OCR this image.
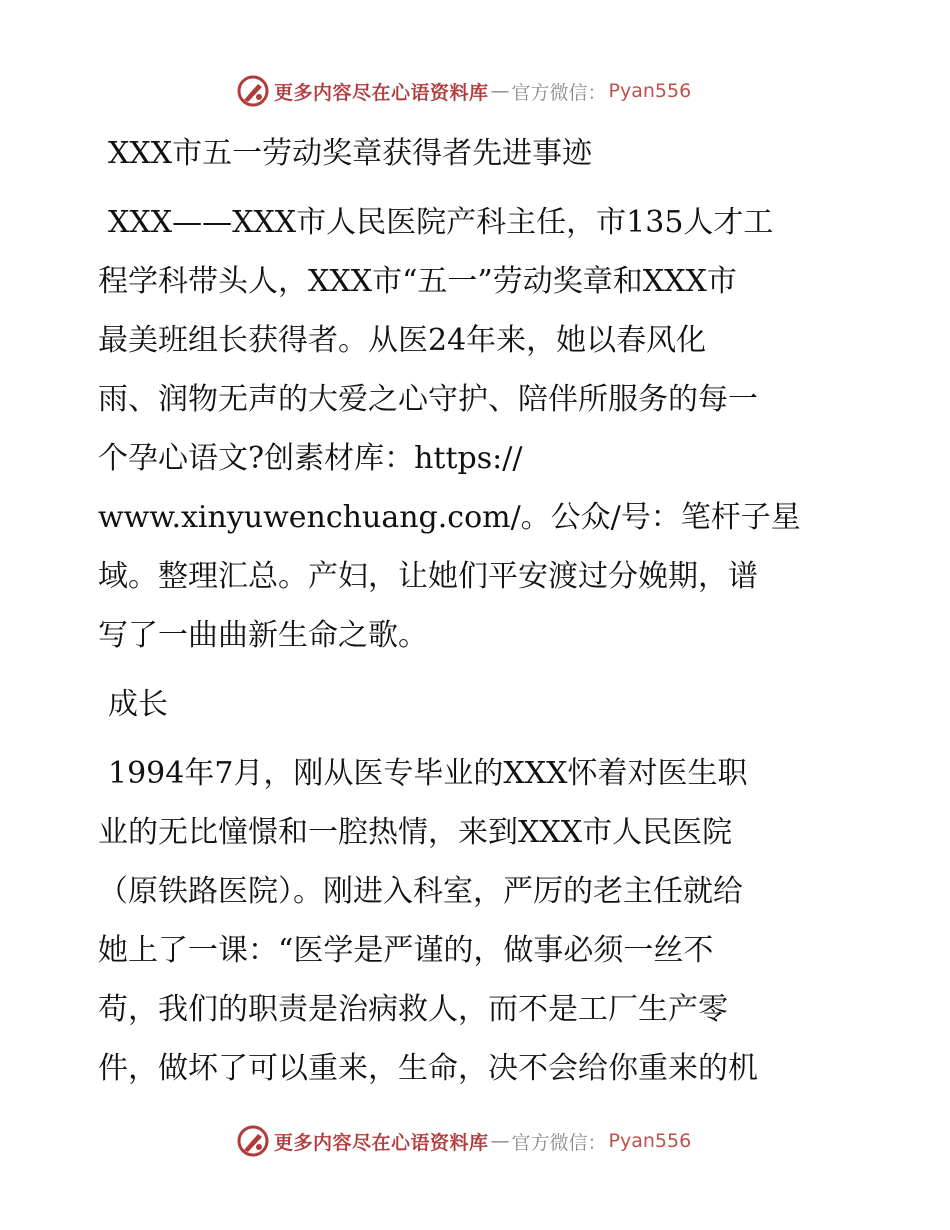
更多内容尽在心语资料库 — 官方微信： Pyan556

XXX市五一劳动奖章获得者先进事迹

XXX——XXX市人民医院产科主任，市135人才工

程学科带头人，XXX市“五一”劳动奖章和XXX市

最美班组长获得者。从医24年来，她以春风化

雨、润物无声的大爱之心守护、陪伴所服务的每一

个孕心语文?创素材库：https://

www.xinyuwenchuang.com/。公众/号：笔杆子星

域。整理汇总。产妇，让她们平安渡过分娩期，谱

写了一曲曲新生命之歌。

成长

1994年7月，刚从医专毕业的XXX怀着对医生职

业的无比憧憬和一腔热情，来到XXX市人民医院

（原铁路医院）。刚进入科室，严厉的老主任就给

她上了一课：“医学是严谨的，做事必须一丝不

苟，我们的职责是治病救人，而不是工厂生产零

件，做坏了可以重来，生命，决不会给你重来的机

更多内容尽在心语资料库 — 官方微信： Pyan556
